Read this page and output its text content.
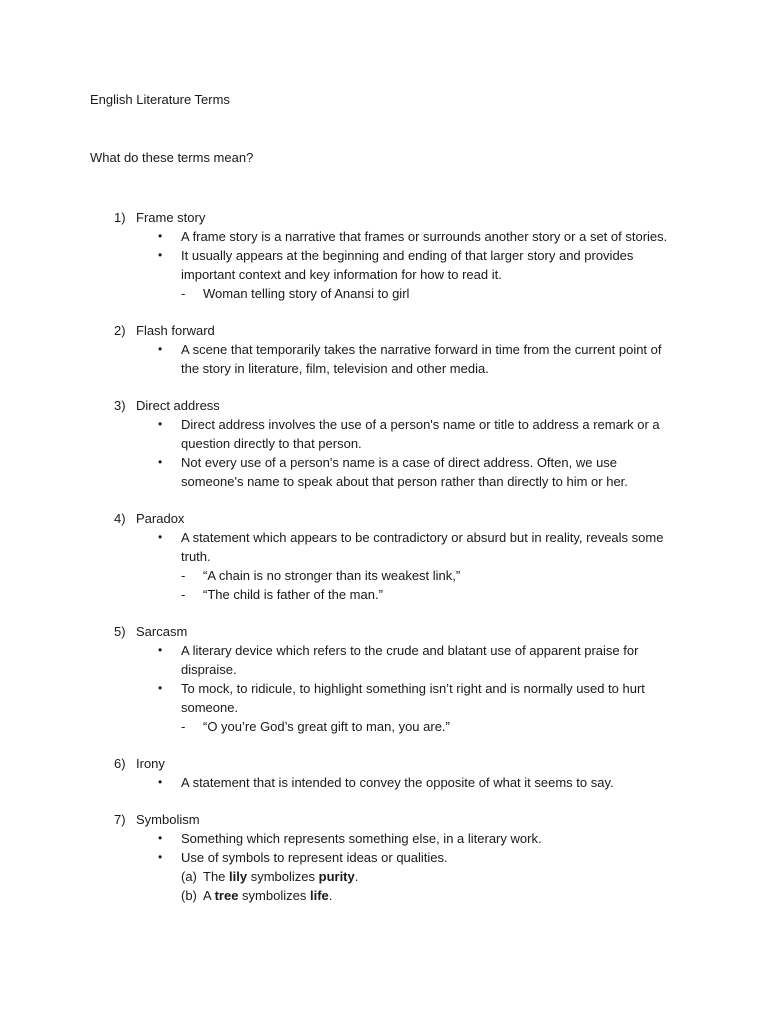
English Literature Terms
What do these terms mean?
1) Frame story
• A frame story is a narrative that frames or surrounds another story or a set of stories.
• It usually appears at the beginning and ending of that larger story and provides important context and key information for how to read it.
- Woman telling story of Anansi to girl
2) Flash forward
• A scene that temporarily takes the narrative forward in time from the current point of the story in literature, film, television and other media.
3) Direct address
• Direct address involves the use of a person's name or title to address a remark or a question directly to that person.
• Not every use of a person's name is a case of direct address. Often, we use someone's name to speak about that person rather than directly to him or her.
4) Paradox
• A statement which appears to be contradictory or absurd but in reality, reveals some truth.
- “A chain is no stronger than its weakest link,”
- “The child is father of the man.”
5) Sarcasm
• A literary device which refers to the crude and blatant use of apparent praise for dispraise.
• To mock, to ridicule, to highlight something isn’t right and is normally used to hurt someone.
- “O you’re God’s great gift to man, you are.”
6) Irony
• A statement that is intended to convey the opposite of what it seems to say.
7) Symbolism
• Something which represents something else, in a literary work.
• Use of symbols to represent ideas or qualities.
(a) The lily symbolizes purity.
(b) A tree symbolizes life.
